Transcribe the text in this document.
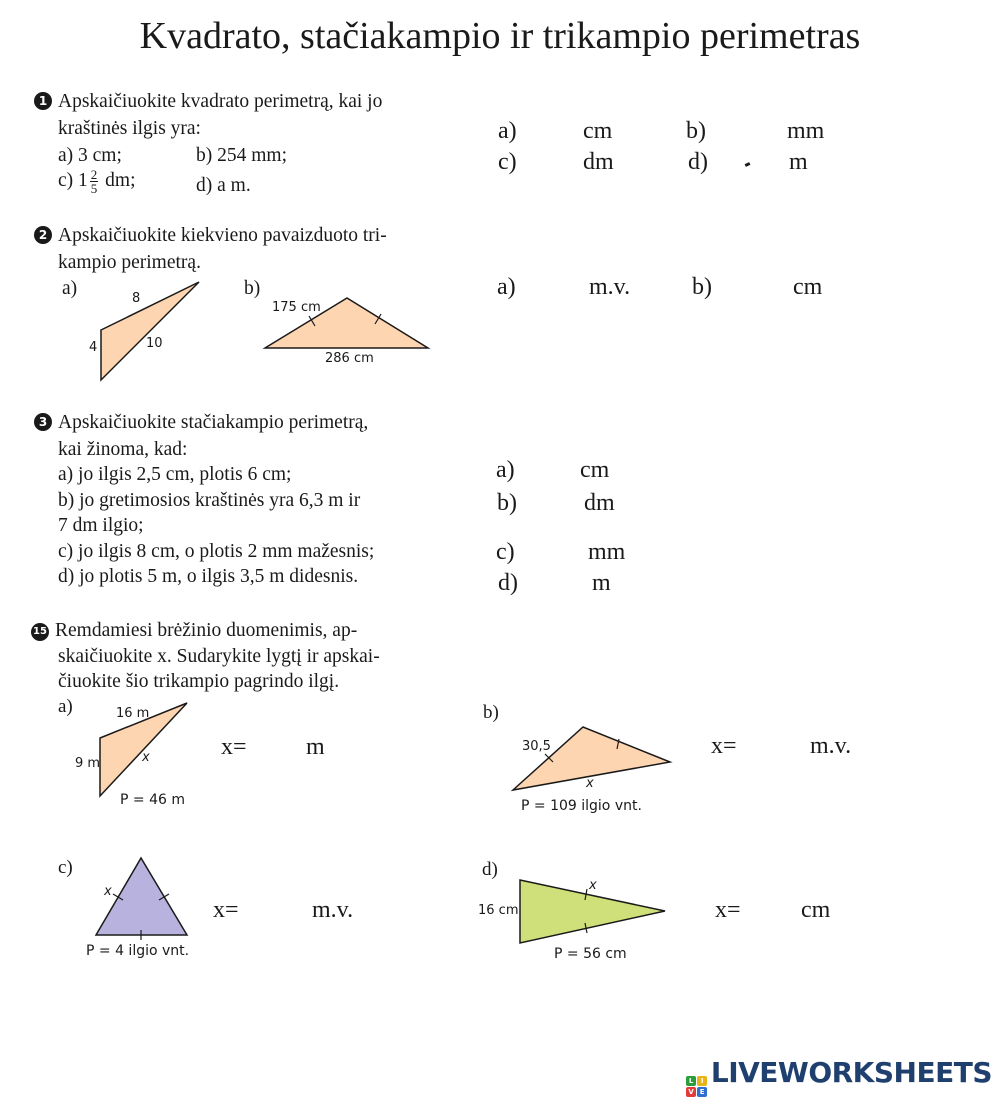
Kvadrato, stačiakampio ir trikampio perimetras
1 Apskaičiuokite kvadrato perimetrą, kai jo
kraštinės ilgis yra:
a) 3 cm;	b) 254 mm;
c) $1 \frac{2}{5}$ dm;	d) a m.
a)	cm	b)	mm
c)	dm	d)	m
2 Apskaičiuokite kiekvieno pavaizduoto tri-
kampio perimetrą.
a)	b)
8
4	10
175 cm
286 cm
a)	m.v.	b)	cm
3 Apskaičiuokite stačiakampio perimetrą,
kai žinoma, kad:
a) jo ilgis 2,5 cm, plotis 6 cm;
b) jo gretimosios kraštinės yra 6,3 m ir
7 dm ilgio;
c) jo ilgis 8 cm, o plotis 2 mm mažesnis;
d) jo plotis 5 m, o ilgis 3,5 m didesnis.
a)	cm
b)	dm
c)	mm
d)	m
15 Remdamiesi brėžinio duomenimis, ap-
skaičiuokite x. Sudarykite lygtį ir apskai-
čiuokite šio trikampio pagrindo ilgį.
a)	b)
c)	d)
16 m
9 m	x
P = 46 m
30,5
x
P = 109 ilgio vnt.
x
P = 4 ilgio vnt.
16 cm
x
P = 56 cm
x= m	x=	m.v.
x=	m.v.	x=	cm
L	I
V E
LIVEWORKSHEETS
